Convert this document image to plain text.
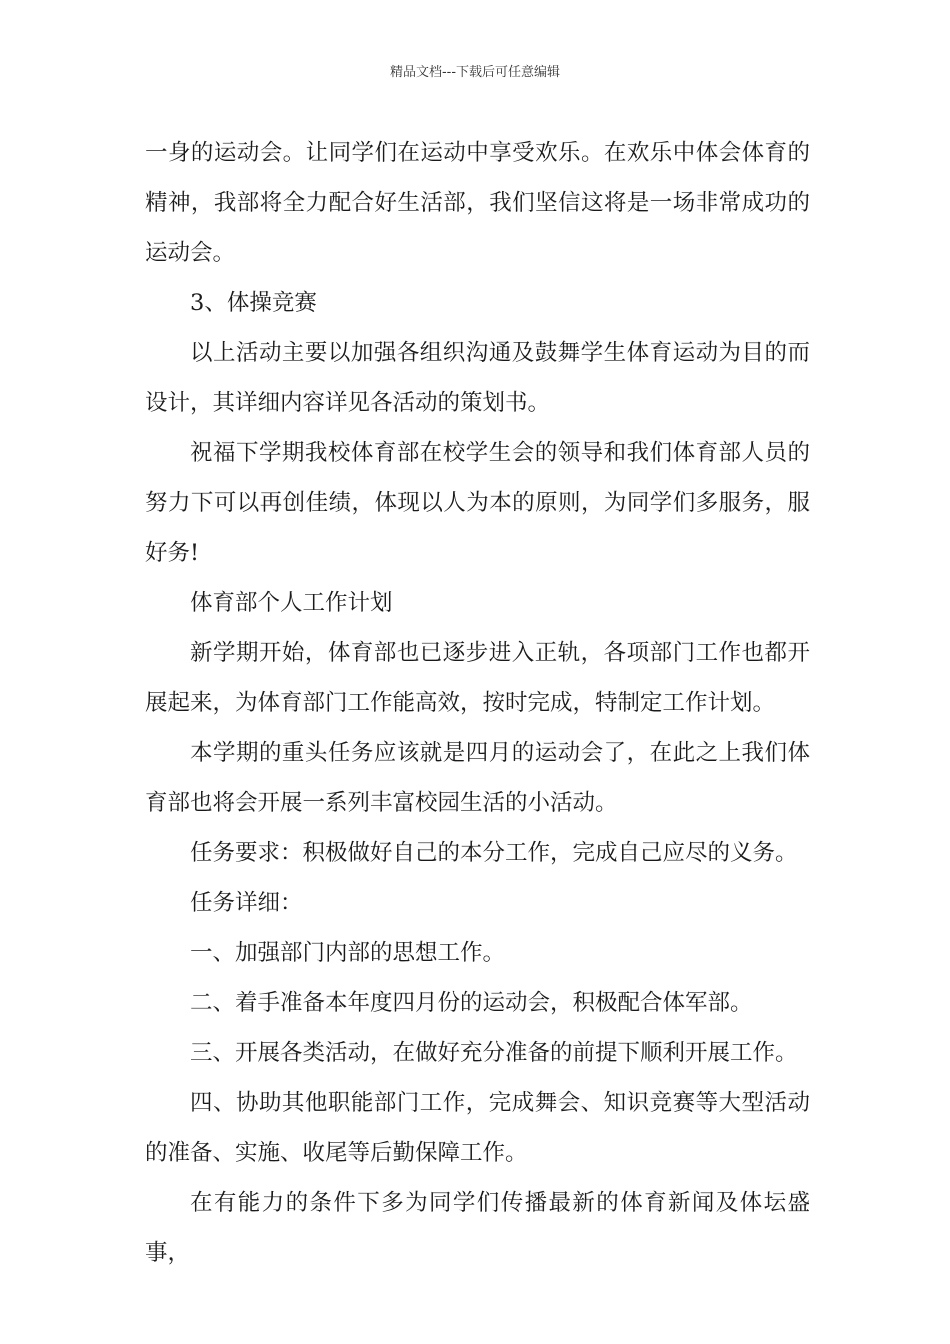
精品文档---下载后可任意编辑

一身的运动会。让同学们在运动中享受欢乐。在欢乐中体会体育的精神，我部将全力配合好生活部，我们坚信这将是一场非常成功的运动会。

3、体操竞赛

以上活动主要以加强各组织沟通及鼓舞学生体育运动为目的而设计，其详细内容详见各活动的策划书。

祝福下学期我校体育部在校学生会的领导和我们体育部人员的努力下可以再创佳绩，体现以人为本的原则，为同学们多服务，服好务!

体育部个人工作计划

新学期开始，体育部也已逐步进入正轨，各项部门工作也都开展起来，为体育部门工作能高效，按时完成，特制定工作计划。

本学期的重头任务应该就是四月的运动会了，在此之上我们体育部也将会开展一系列丰富校园生活的小活动。

任务要求：积极做好自己的本分工作，完成自己应尽的义务。

任务详细：

一、加强部门内部的思想工作。

二、着手准备本年度四月份的运动会，积极配合体军部。

三、开展各类活动，在做好充分准备的前提下顺利开展工作。

四、协助其他职能部门工作，完成舞会、知识竞赛等大型活动的准备、实施、收尾等后勤保障工作。

在有能力的条件下多为同学们传播最新的体育新闻及体坛盛事，
